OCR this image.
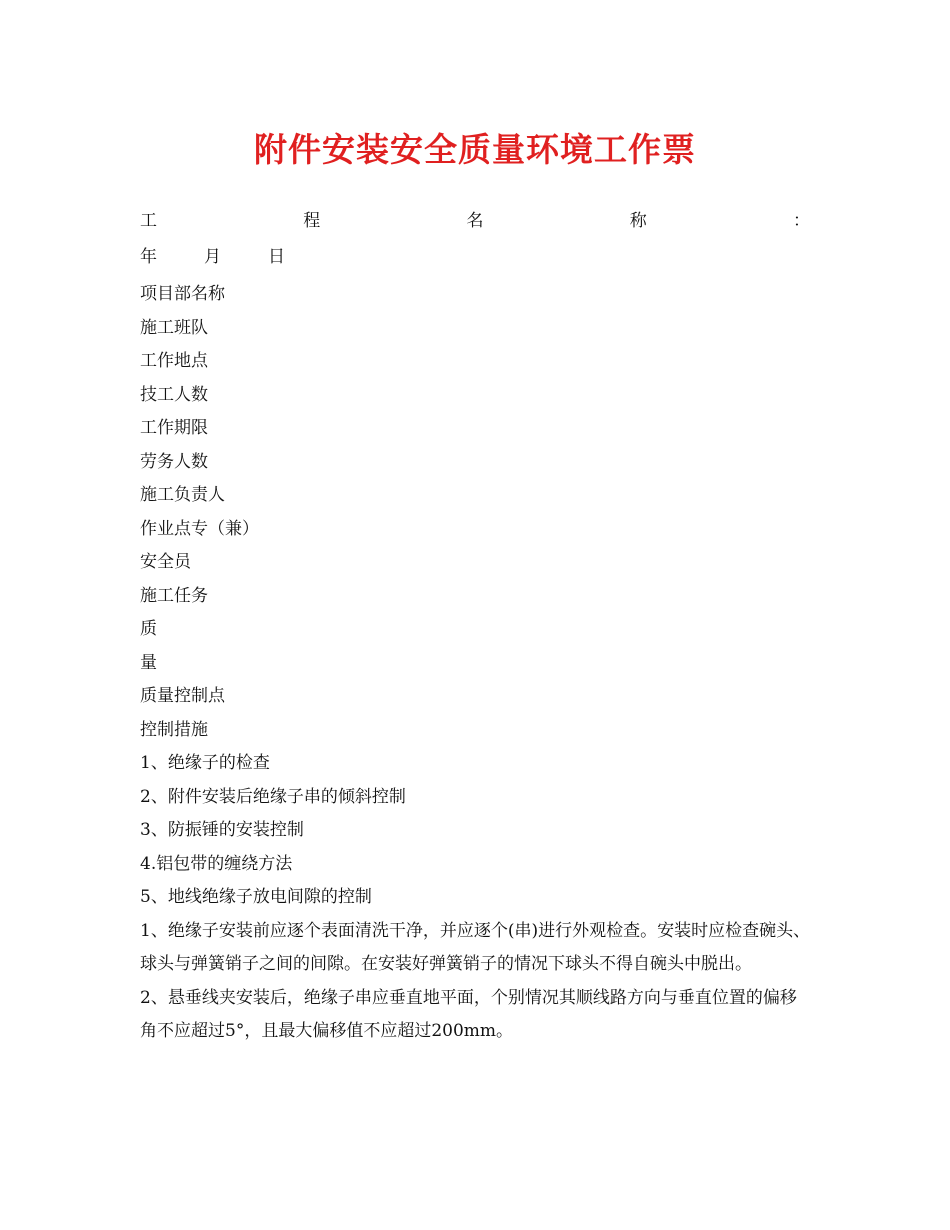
附件安装安全质量环境工作票
工	程	名	称	：
年	月	日
项目部名称
施工班队
工作地点
技工人数
工作期限
劳务人数
施工负责人
作业点专（兼）
安全员
施工任务
质
量
质量控制点
控制措施
1、绝缘子的检查
2、附件安装后绝缘子串的倾斜控制
3、防振锤的安装控制
4.铝包带的缠绕方法
5、地线绝缘子放电间隙的控制
1、绝缘子安装前应逐个表面清洗干净，并应逐个(串)进行外观检查。安装时应检查碗头、球头与弹簧销子之间的间隙。在安装好弹簧销子的情况下球头不得自碗头中脱出。
2、悬垂线夹安装后，绝缘子串应垂直地平面，个别情况其顺线路方向与垂直位置的偏移角不应超过5°，且最大偏移值不应超过200mm。
